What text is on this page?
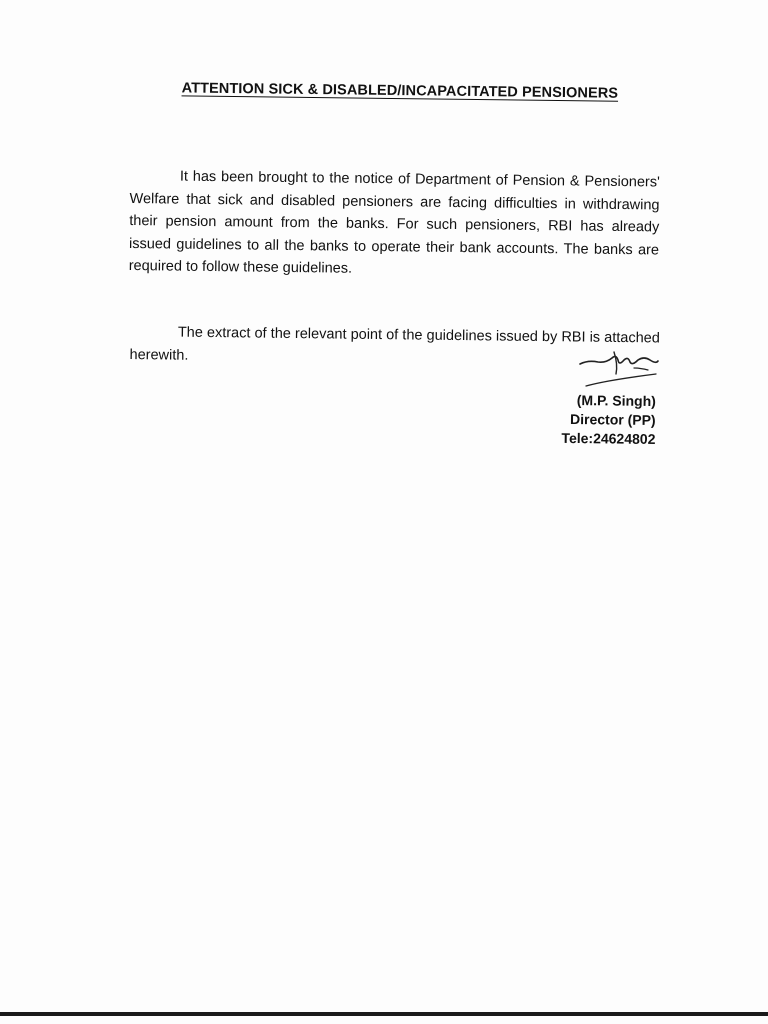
ATTENTION SICK & DISABLED/INCAPACITATED PENSIONERS

It has been brought to the notice of Department of Pension & Pensioners' Welfare that sick and disabled pensioners are facing difficulties in withdrawing their pension amount from the banks. For such pensioners, RBI has already issued guidelines to all the banks to operate their bank accounts. The banks are required to follow these guidelines.

The extract of the relevant point of the guidelines issued by RBI is attached herewith.

(M.P. Singh)
Director (PP)
Tele:24624802
